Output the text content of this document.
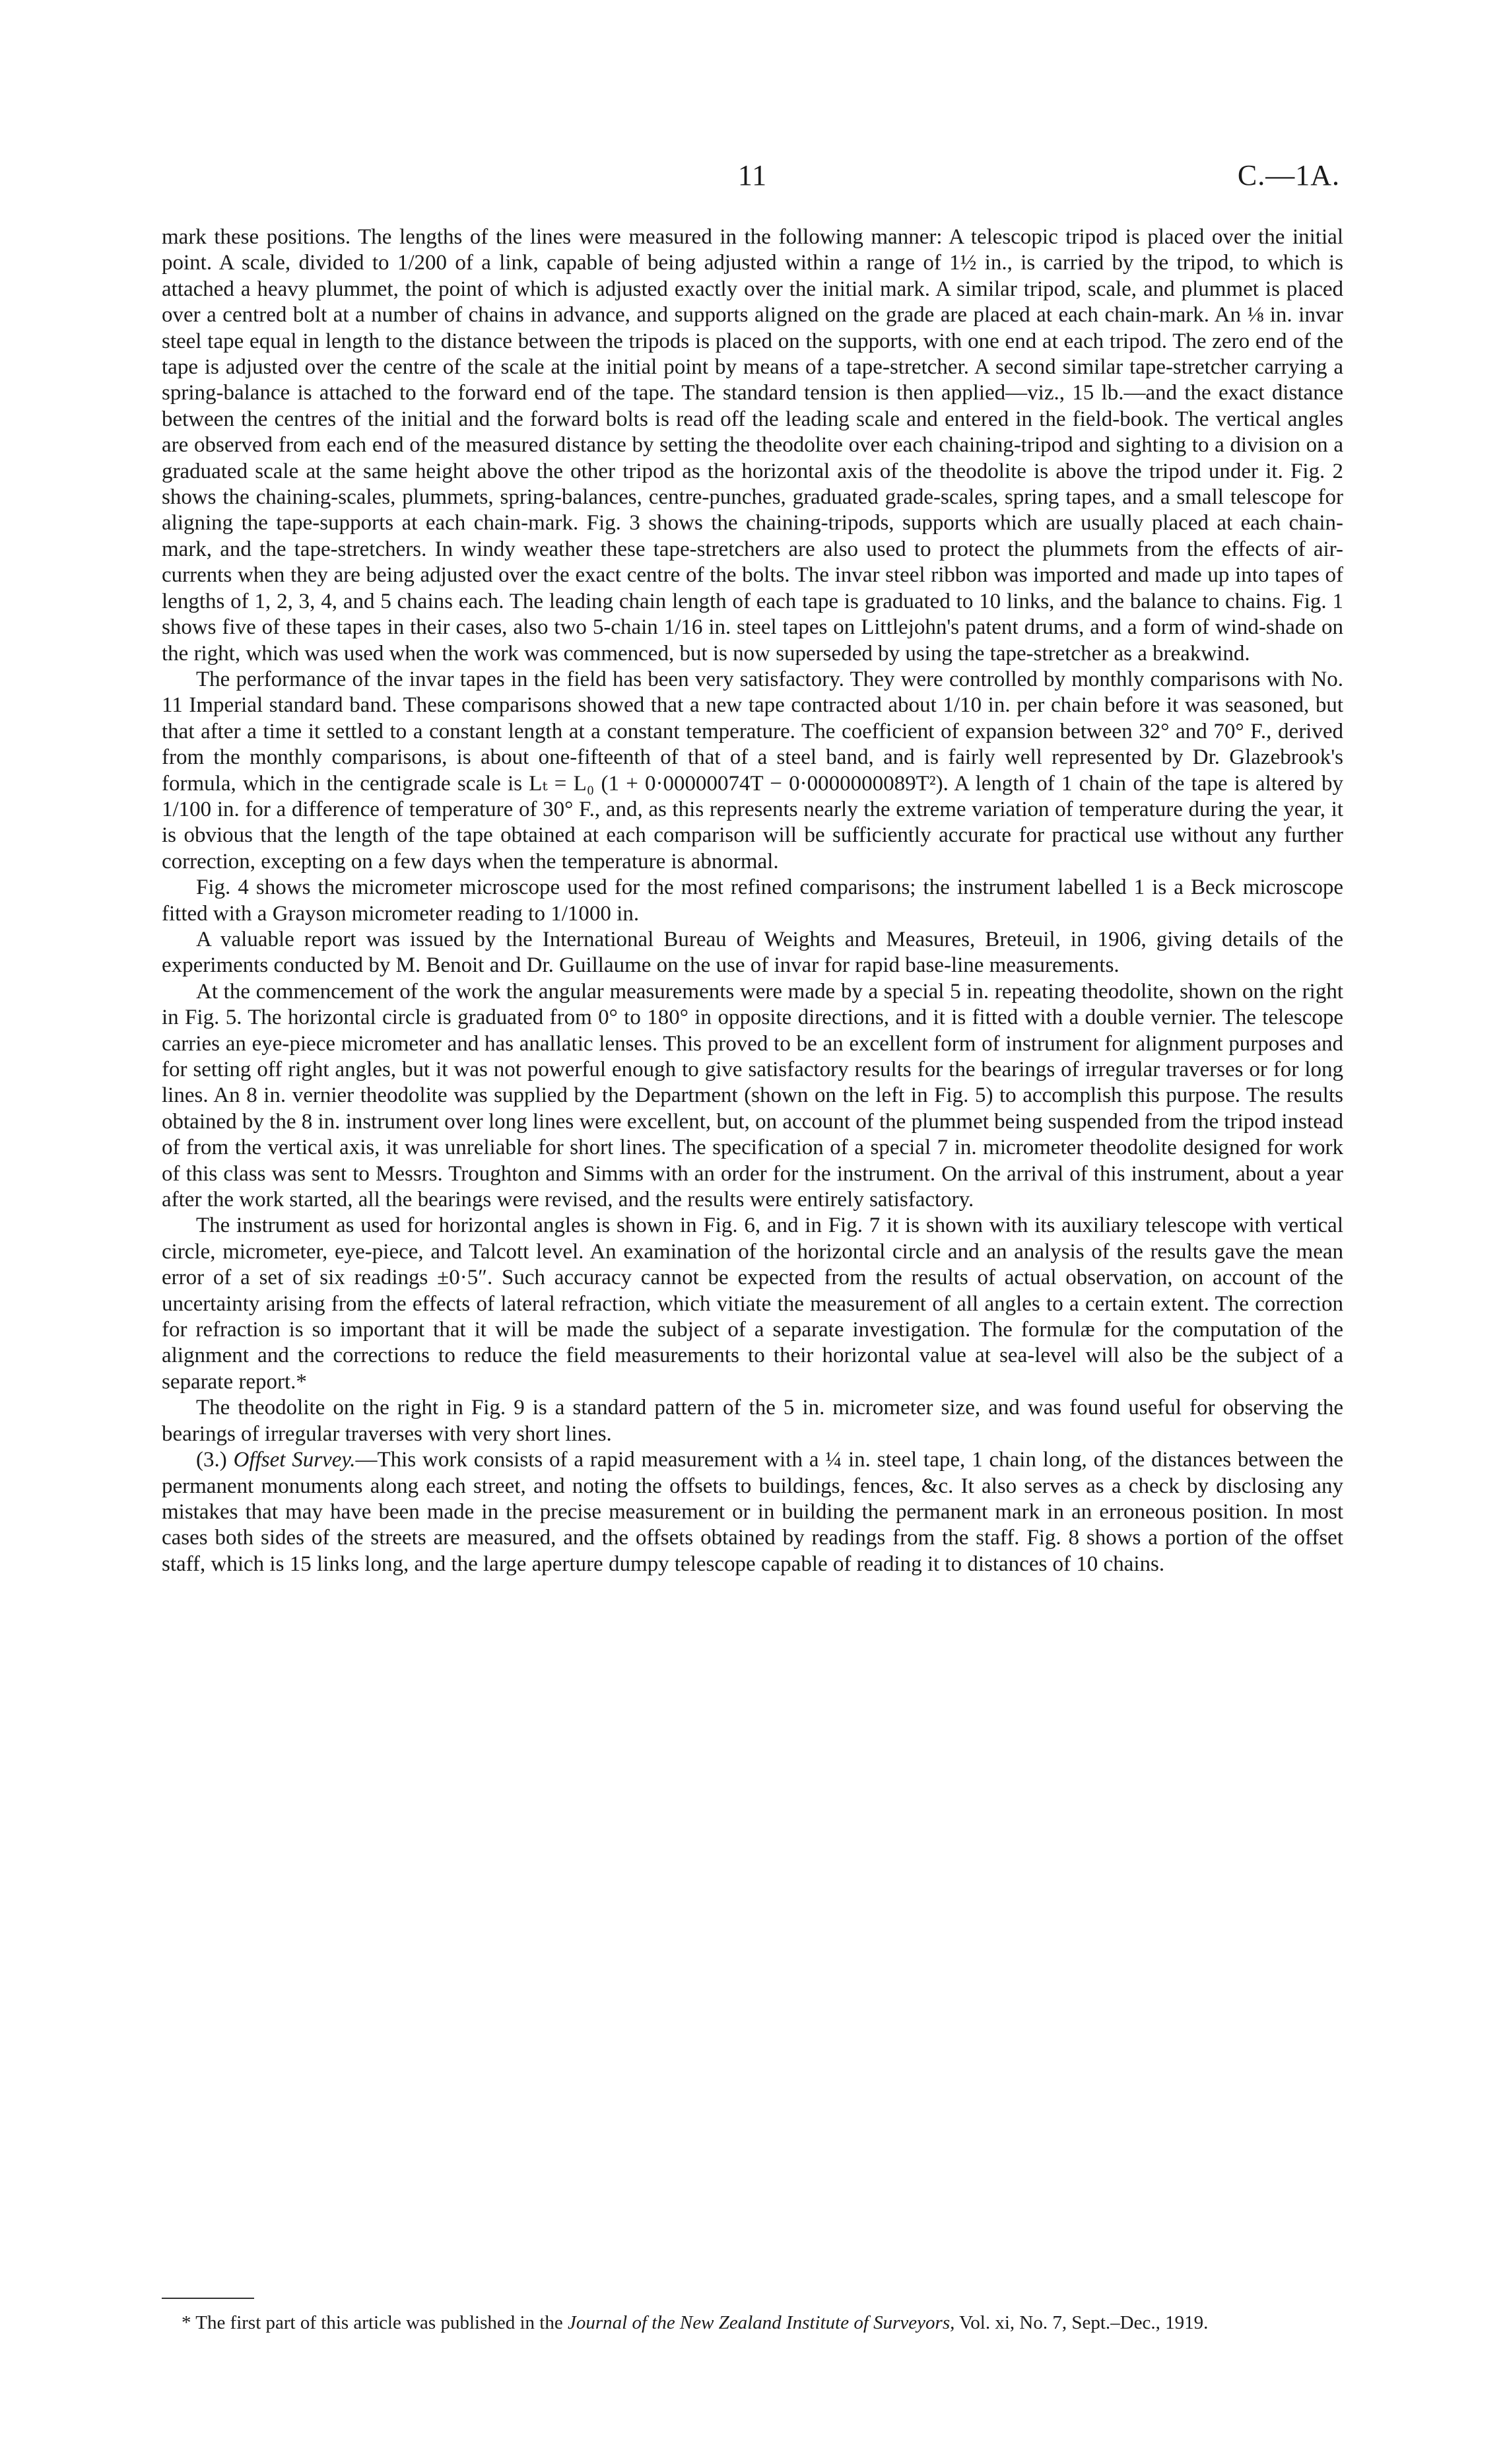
11	C.—1A.

mark these positions. The lengths of the lines were measured in the following manner: A telescopic tripod is placed over the initial point. A scale, divided to 1/200 of a link, capable of being adjusted within a range of 1½ in., is carried by the tripod, to which is attached a heavy plummet, the point of which is adjusted exactly over the initial mark. A similar tripod, scale, and plummet is placed over a centred bolt at a number of chains in advance, and supports aligned on the grade are placed at each chain-mark. An ⅛ in. invar steel tape equal in length to the distance between the tripods is placed on the supports, with one end at each tripod. The zero end of the tape is adjusted over the centre of the scale at the initial point by means of a tape-stretcher. A second similar tape-stretcher carrying a spring-balance is attached to the forward end of the tape. The standard tension is then applied—viz., 15 lb.—and the exact distance between the centres of the initial and the forward bolts is read off the leading scale and entered in the field-book. The vertical angles are observed from each end of the measured distance by setting the theodolite over each chaining-tripod and sighting to a division on a graduated scale at the same height above the other tripod as the horizontal axis of the theodolite is above the tripod under it. Fig. 2 shows the chaining-scales, plummets, spring-balances, centre-punches, graduated grade-scales, spring tapes, and a small telescope for aligning the tape-supports at each chain-mark. Fig. 3 shows the chaining-tripods, supports which are usually placed at each chain-mark, and the tape-stretchers. In windy weather these tape-stretchers are also used to protect the plummets from the effects of air-currents when they are being adjusted over the exact centre of the bolts. The invar steel ribbon was imported and made up into tapes of lengths of 1, 2, 3, 4, and 5 chains each. The leading chain length of each tape is graduated to 10 links, and the balance to chains. Fig. 1 shows five of these tapes in their cases, also two 5-chain 1/16 in. steel tapes on Littlejohn's patent drums, and a form of wind-shade on the right, which was used when the work was commenced, but is now superseded by using the tape-stretcher as a breakwind.

The performance of the invar tapes in the field has been very satisfactory. They were controlled by monthly comparisons with No. 11 Imperial standard band. These comparisons showed that a new tape contracted about 1/10 in. per chain before it was seasoned, but that after a time it settled to a constant length at a constant temperature. The coefficient of expansion between 32° and 70° F., derived from the monthly comparisons, is about one-fifteenth of that of a steel band, and is fairly well represented by Dr. Glazebrook's formula, which in the centigrade scale is Lₜ = L₀ (1 + 0·00000074T − 0·0000000089T²). A length of 1 chain of the tape is altered by 1/100 in. for a difference of temperature of 30° F., and, as this represents nearly the extreme variation of temperature during the year, it is obvious that the length of the tape obtained at each comparison will be sufficiently accurate for practical use without any further correction, excepting on a few days when the temperature is abnormal.

Fig. 4 shows the micrometer microscope used for the most refined comparisons; the instrument labelled 1 is a Beck microscope fitted with a Grayson micrometer reading to 1/1000 in.

A valuable report was issued by the International Bureau of Weights and Measures, Breteuil, in 1906, giving details of the experiments conducted by M. Benoit and Dr. Guillaume on the use of invar for rapid base-line measurements.

At the commencement of the work the angular measurements were made by a special 5 in. repeating theodolite, shown on the right in Fig. 5. The horizontal circle is graduated from 0° to 180° in opposite directions, and it is fitted with a double vernier. The telescope carries an eye-piece micrometer and has anallatic lenses. This proved to be an excellent form of instrument for alignment purposes and for setting off right angles, but it was not powerful enough to give satisfactory results for the bearings of irregular traverses or for long lines. An 8 in. vernier theodolite was supplied by the Department (shown on the left in Fig. 5) to accomplish this purpose. The results obtained by the 8 in. instrument over long lines were excellent, but, on account of the plummet being suspended from the tripod instead of from the vertical axis, it was unreliable for short lines. The specification of a special 7 in. micrometer theodolite designed for work of this class was sent to Messrs. Troughton and Simms with an order for the instrument. On the arrival of this instrument, about a year after the work started, all the bearings were revised, and the results were entirely satisfactory.

The instrument as used for horizontal angles is shown in Fig. 6, and in Fig. 7 it is shown with its auxiliary telescope with vertical circle, micrometer, eye-piece, and Talcott level. An examination of the horizontal circle and an analysis of the results gave the mean error of a set of six readings ±0·5″. Such accuracy cannot be expected from the results of actual observation, on account of the uncertainty arising from the effects of lateral refraction, which vitiate the measurement of all angles to a certain extent. The correction for refraction is so important that it will be made the subject of a separate investigation. The formulæ for the computation of the alignment and the corrections to reduce the field measurements to their horizontal value at sea-level will also be the subject of a separate report.*

The theodolite on the right in Fig. 9 is a standard pattern of the 5 in. micrometer size, and was found useful for observing the bearings of irregular traverses with very short lines.

(3.) Offset Survey.—This work consists of a rapid measurement with a ¼ in. steel tape, 1 chain long, of the distances between the permanent monuments along each street, and noting the offsets to buildings, fences, &c. It also serves as a check by disclosing any mistakes that may have been made in the precise measurement or in building the permanent mark in an erroneous position. In most cases both sides of the streets are measured, and the offsets obtained by readings from the staff. Fig. 8 shows a portion of the offset staff, which is 15 links long, and the large aperture dumpy telescope capable of reading it to distances of 10 chains.

* The first part of this article was published in the Journal of the New Zealand Institute of Surveyors, Vol. xi, No. 7, Sept.–Dec., 1919.
